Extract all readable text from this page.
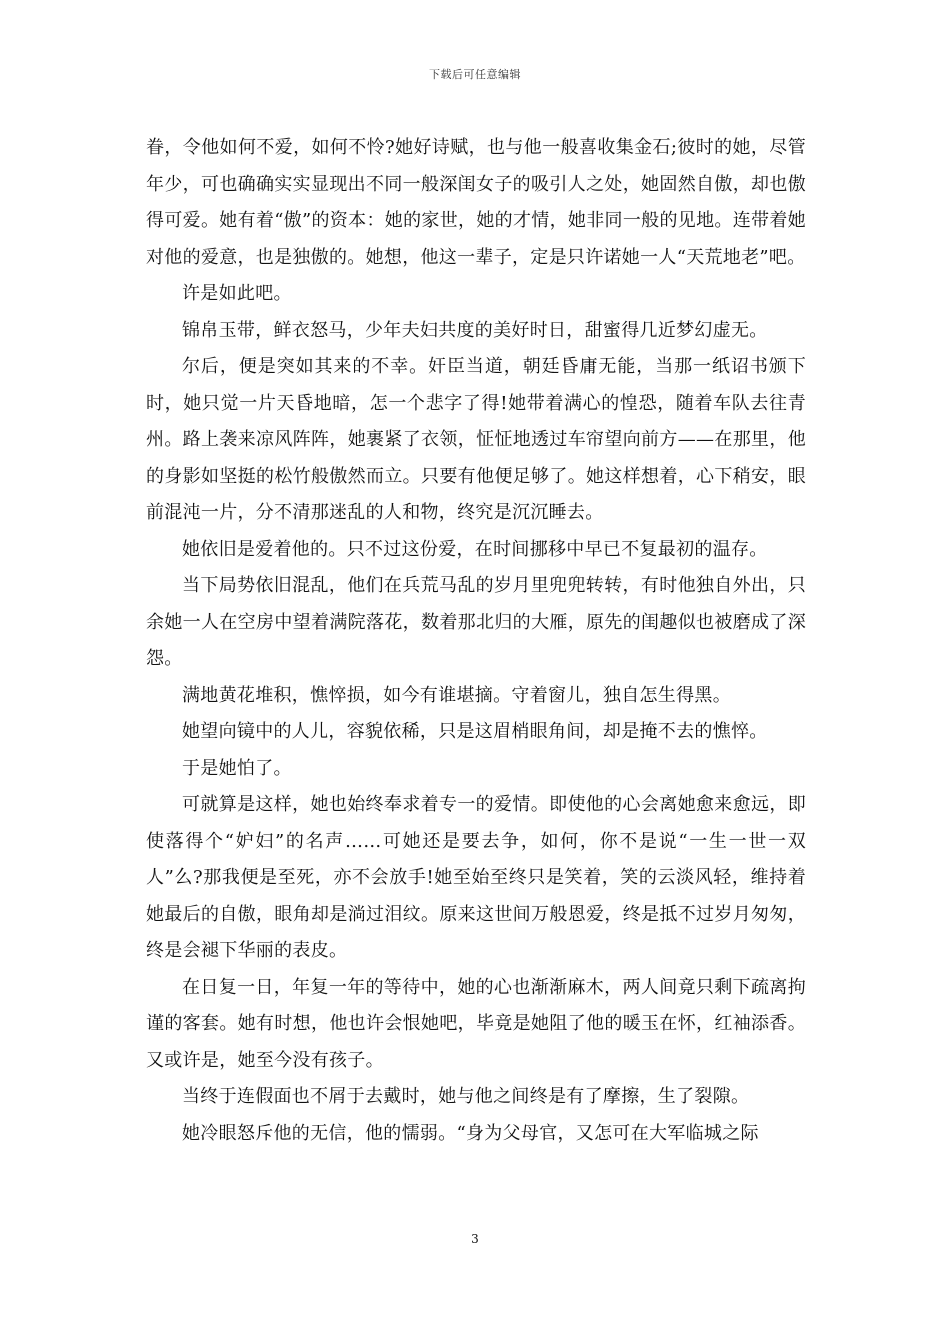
下载后可任意编辑

眷，令他如何不爱，如何不怜?她好诗赋，也与他一般喜收集金石;彼时的她，尽管年少，可也确确实实显现出不同一般深闺女子的吸引人之处，她固然自傲，却也傲得可爱。她有着“傲”的资本：她的家世，她的才情，她非同一般的见地。连带着她对他的爱意，也是独傲的。她想，他这一辈子，定是只许诺她一人“天荒地老”吧。

许是如此吧。

锦帛玉带，鲜衣怒马，少年夫妇共度的美好时日，甜蜜得几近梦幻虚无。

尔后，便是突如其来的不幸。奸臣当道，朝廷昏庸无能，当那一纸诏书颁下时，她只觉一片天昏地暗，怎一个悲字了得!她带着满心的惶恐，随着车队去往青州。路上袭来凉风阵阵，她裹紧了衣领，怔怔地透过车帘望向前方——在那里，他的身影如坚挺的松竹般傲然而立。只要有他便足够了。她这样想着，心下稍安，眼前混沌一片，分不清那迷乱的人和物，终究是沉沉睡去。

她依旧是爱着他的。只不过这份爱，在时间挪移中早已不复最初的温存。

当下局势依旧混乱，他们在兵荒马乱的岁月里兜兜转转，有时他独自外出，只余她一人在空房中望着满院落花，数着那北归的大雁，原先的闺趣似也被磨成了深怨。

满地黄花堆积，憔悴损，如今有谁堪摘。守着窗儿，独自怎生得黑。

她望向镜中的人儿，容貌依稀，只是这眉梢眼角间，却是掩不去的憔悴。

于是她怕了。

可就算是这样，她也始终奉求着专一的爱情。即使他的心会离她愈来愈远，即使落得个“妒妇”的名声……可她还是要去争，如何，你不是说“一生一世一双人”么?那我便是至死，亦不会放手!她至始至终只是笑着，笑的云淡风轻，维持着她最后的自傲，眼角却是淌过泪纹。原来这世间万般恩爱，终是抵不过岁月匆匆，终是会褪下华丽的表皮。

在日复一日，年复一年的等待中，她的心也渐渐麻木，两人间竟只剩下疏离拘谨的客套。她有时想，他也许会恨她吧，毕竟是她阻了他的暖玉在怀，红袖添香。又或许是，她至今没有孩子。

当终于连假面也不屑于去戴时，她与他之间终是有了摩擦，生了裂隙。

她冷眼怒斥他的无信，他的懦弱。“身为父母官，又怎可在大军临城之际

3
